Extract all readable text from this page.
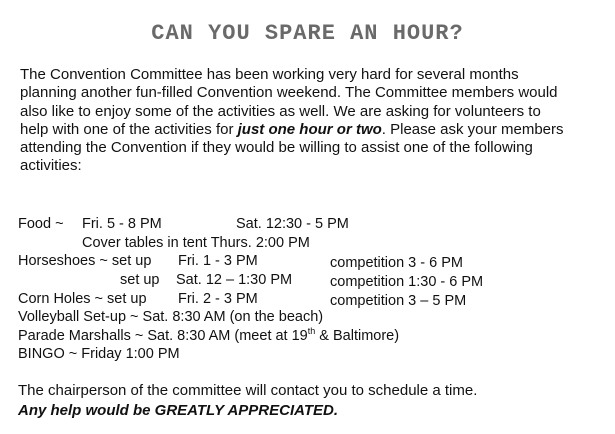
CAN YOU SPARE AN HOUR?
The Convention Committee has been working very hard for several months
planning another fun-filled Convention weekend. The Committee members would
also like to enjoy some of the activities as well. We are asking for volunteers to
help with one of the activities for just one hour or two. Please ask your members
attending the Convention if they would be willing to assist one of the following
activities:
Food ~ Fri. 5 - 8 PM	Sat. 12:30 - 5 PM
Cover tables in tent Thurs. 2:00 PM
Horseshoes ~ set up Fri. 1 - 3 PM	competition 3 - 6 PM
set up Sat. 12 – 1:30 PM	competition 1:30 - 6 PM
Corn Holes ~ set up Fri. 2 - 3 PM	competition 3 – 5 PM
Volleyball Set-up ~ Sat. 8:30 AM (on the beach)
Parade Marshalls ~ Sat. 8:30 AM (meet at 19th & Baltimore)
BINGO ~ Friday 1:00 PM
The chairperson of the committee will contact you to schedule a time.
Any help would be GREATLY APPRECIATED.
